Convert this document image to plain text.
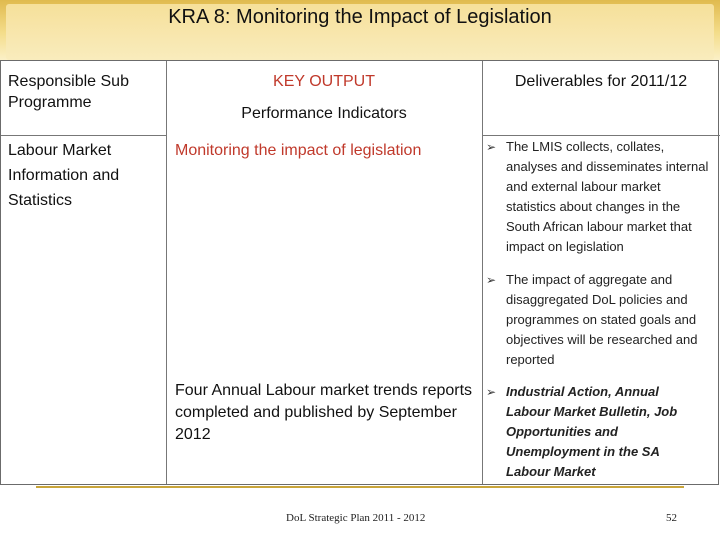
KRA 8: Monitoring the Impact of Legislation
Responsible Sub Programme
KEY OUTPUT
Performance Indicators
Deliverables for 2011/12
Labour Market Information and Statistics
Monitoring the impact of legislation
Four Annual Labour market trends reports completed and published by September 2012
➢ The LMIS collects, collates, analyses and disseminates internal and external labour market statistics about changes in the South African labour market that impact on legislation
➢ The impact of aggregate and disaggregated DoL policies and programmes on stated goals and objectives will be researched and reported
➢ Industrial Action, Annual Labour Market Bulletin, Job Opportunities and Unemployment in the SA Labour Market
DoL Strategic Plan 2011 - 2012	52
